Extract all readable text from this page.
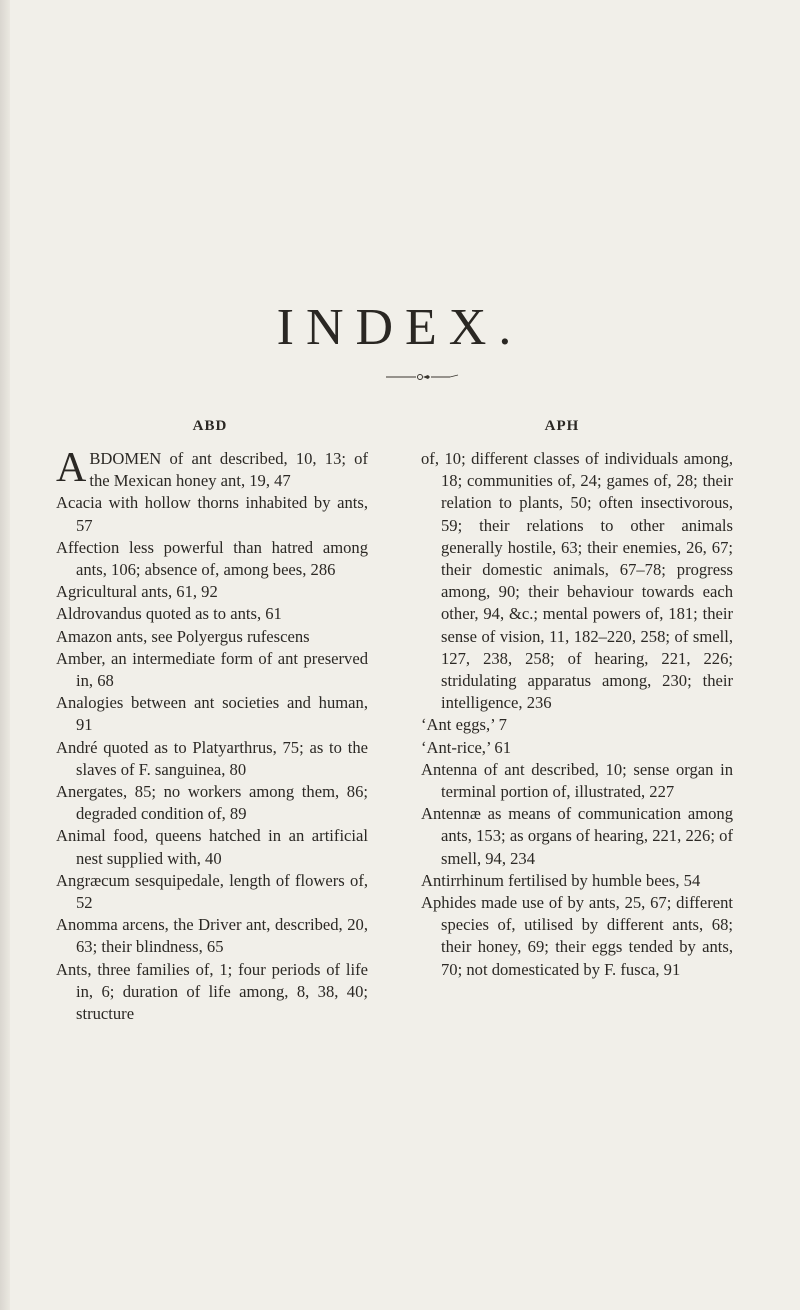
INDEX.
ABD	APH

ABDOMEN of ant described, 10, 13; of the Mexican honey ant, 19, 47

Acacia with hollow thorns inhabited by ants, 57

Affection less powerful than hatred among ants, 106; absence of, among bees, 286

Agricultural ants, 61, 92

Aldrovandus quoted as to ants, 61

Amazon ants, see Polyergus rufescens

Amber, an intermediate form of ant preserved in, 68

Analogies between ant societies and human, 91

André quoted as to Platyarthrus, 75; as to the slaves of F. sanguinea, 80

Anergates, 85; no workers among them, 86; degraded condition of, 89

Animal food, queens hatched in an artificial nest supplied with, 40

Angræcum sesquipedale, length of flowers of, 52

Anomma arcens, the Driver ant, described, 20, 63; their blindness, 65

Ants, three families of, 1; four periods of life in, 6; duration of life among, 8, 38, 40; structure

of, 10; different classes of individuals among, 18; communities of, 24; games of, 28; their relation to plants, 50; often insectivorous, 59; their relations to other animals generally hostile, 63; their enemies, 26, 67; their domestic animals, 67–78; progress among, 90; their behaviour towards each other, 94, &c.; mental powers of, 181; their sense of vision, 11, 182–220, 258; of smell, 127, 238, 258; of hearing, 221, 226; stridulating apparatus among, 230; their intelligence, 236

‘Ant eggs,’ 7

‘Ant-rice,’ 61

Antenna of ant described, 10; sense organ in terminal portion of, illustrated, 227

Antennæ as means of communication among ants, 153; as organs of hearing, 221, 226; of smell, 94, 234

Antirrhinum fertilised by humble bees, 54

Aphides made use of by ants, 25, 67; different species of, utilised by different ants, 68; their honey, 69; their eggs tended by ants, 70; not domesticated by F. fusca, 91
